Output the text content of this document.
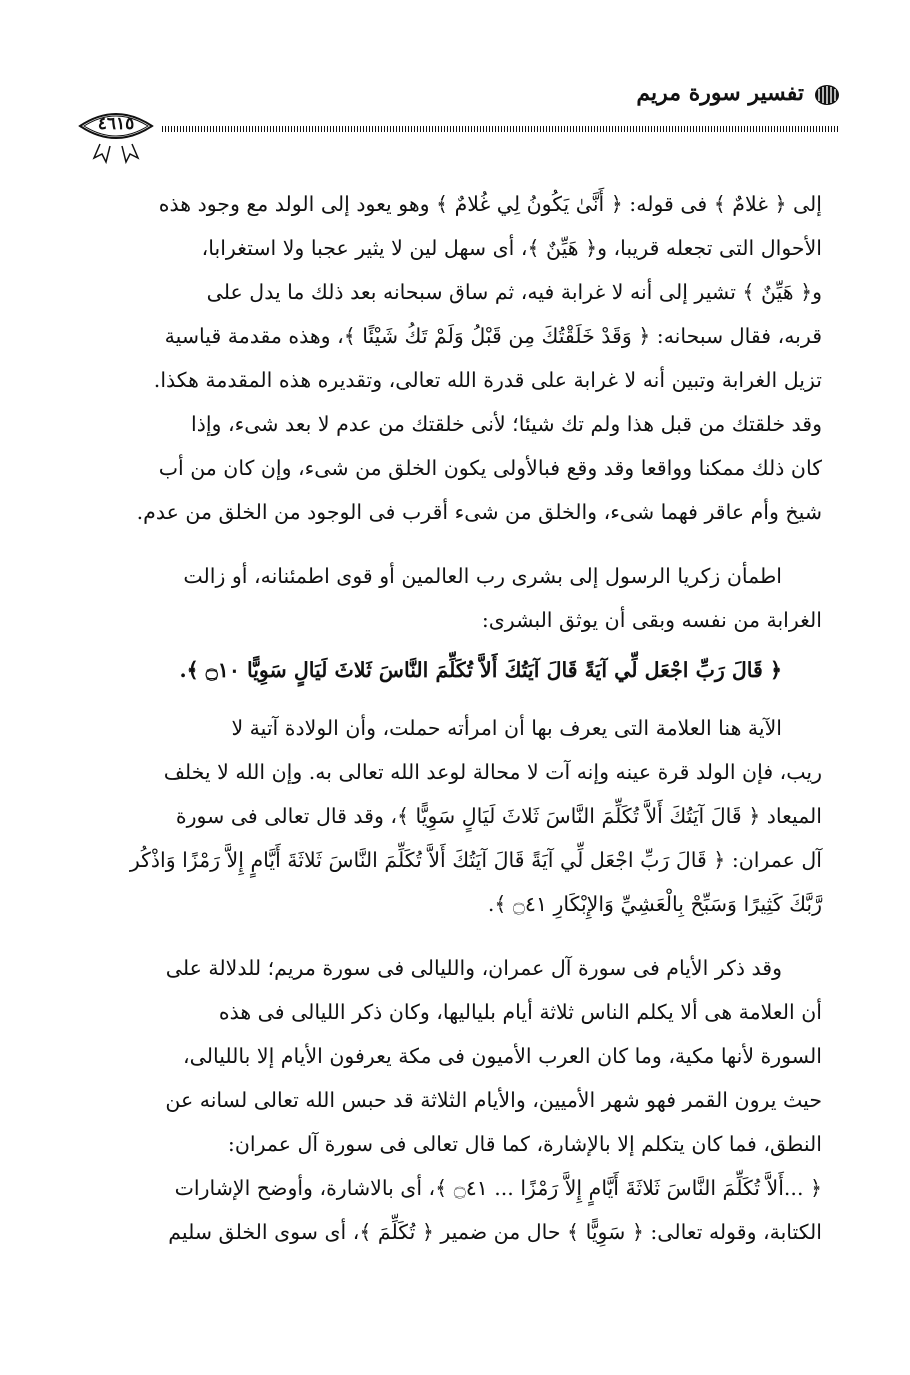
تفسير سورة مريم
٤٦١٥

إلى ﴿ غلامٌ ﴾ فى قوله: ﴿ أَنَّىٰ يَكُونُ لِي غُلامٌ ﴾ وهو يعود إلى الولد مع وجود هذه
الأحوال التى تجعله قريبا، و﴿ هَيِّنٌ ﴾، أى سهل لين لا يثير عجبا ولا استغرابا،
و﴿ هَيِّنٌ ﴾ تشير إلى أنه لا غرابة فيه، ثم ساق سبحانه بعد ذلك ما يدل على
قربه، فقال سبحانه: ﴿ وَقَدْ خَلَقْتُكَ مِن قَبْلُ وَلَمْ تَكُ شَيْئًا ﴾، وهذه مقدمة قياسية
تزيل الغرابة وتبين أنه لا غرابة على قدرة الله تعالى، وتقديره هذه المقدمة هكذا.
وقد خلقتك من قبل هذا ولم تك شيئا؛ لأنى خلقتك من عدم لا بعد شىء، وإذا
كان ذلك ممكنا وواقعا وقد وقع فبالأولى يكون الخلق من شىء، وإن كان من أب
شيخ وأم عاقر فهما شىء، والخلق من شىء أقرب فى الوجود من الخلق من عدم.

اطمأن زكريا الرسول إلى بشرى رب العالمين أو قوى اطمئنانه، أو زالت
الغرابة من نفسه وبقى أن يوثق البشرى:

﴿ قَالَ رَبِّ اجْعَل لِّي آيَةً قَالَ آيَتُكَ أَلاَّ تُكَلِّمَ النَّاسَ ثَلاثَ لَيَالٍ سَوِيًّا ۝١٠ ﴾.

الآية هنا العلامة التى يعرف بها أن امرأته حملت، وأن الولادة آتية لا
ريب، فإن الولد قرة عينه وإنه آت لا محالة لوعد الله تعالى به. وإن الله لا يخلف
الميعاد ﴿ قَالَ آيَتُكَ أَلاَّ تُكَلِّمَ النَّاسَ ثَلاثَ لَيَالٍ سَوِيًّا ﴾، وقد قال تعالى فى سورة
آل عمران: ﴿ قَالَ رَبِّ اجْعَل لِّي آيَةً قَالَ آيَتُكَ أَلاَّ تُكَلِّمَ النَّاسَ ثَلاثَةَ أَيَّامٍ إِلاَّ رَمْزًا وَاذْكُر
رَّبَّكَ كَثِيرًا وَسَبِّحْ بِالْعَشِيِّ وَالإِبْكَارِ ۝٤١ ﴾.

وقد ذكر الأيام فى سورة آل عمران، والليالى فى سورة مريم؛ للدلالة على
أن العلامة هى ألا يكلم الناس ثلاثة أيام بلياليها، وكان ذكر الليالى فى هذه
السورة لأنها مكية، وما كان العرب الأميون فى مكة يعرفون الأيام إلا بالليالى،
حيث يرون القمر فهو شهر الأميين، والأيام الثلاثة قد حبس الله تعالى لسانه عن
النطق، فما كان يتكلم إلا بالإشارة، كما قال تعالى فى سورة آل عمران:
﴿ ...أَلاَّ تُكَلِّمَ النَّاسَ ثَلاثَةَ أَيَّامٍ إِلاَّ رَمْزًا ... ۝٤١ ﴾، أى بالاشارة، وأوضح الإشارات
الكتابة، وقوله تعالى: ﴿ سَوِيًّا ﴾ حال من ضمير ﴿ تُكَلِّمَ ﴾، أى سوى الخلق سليم
